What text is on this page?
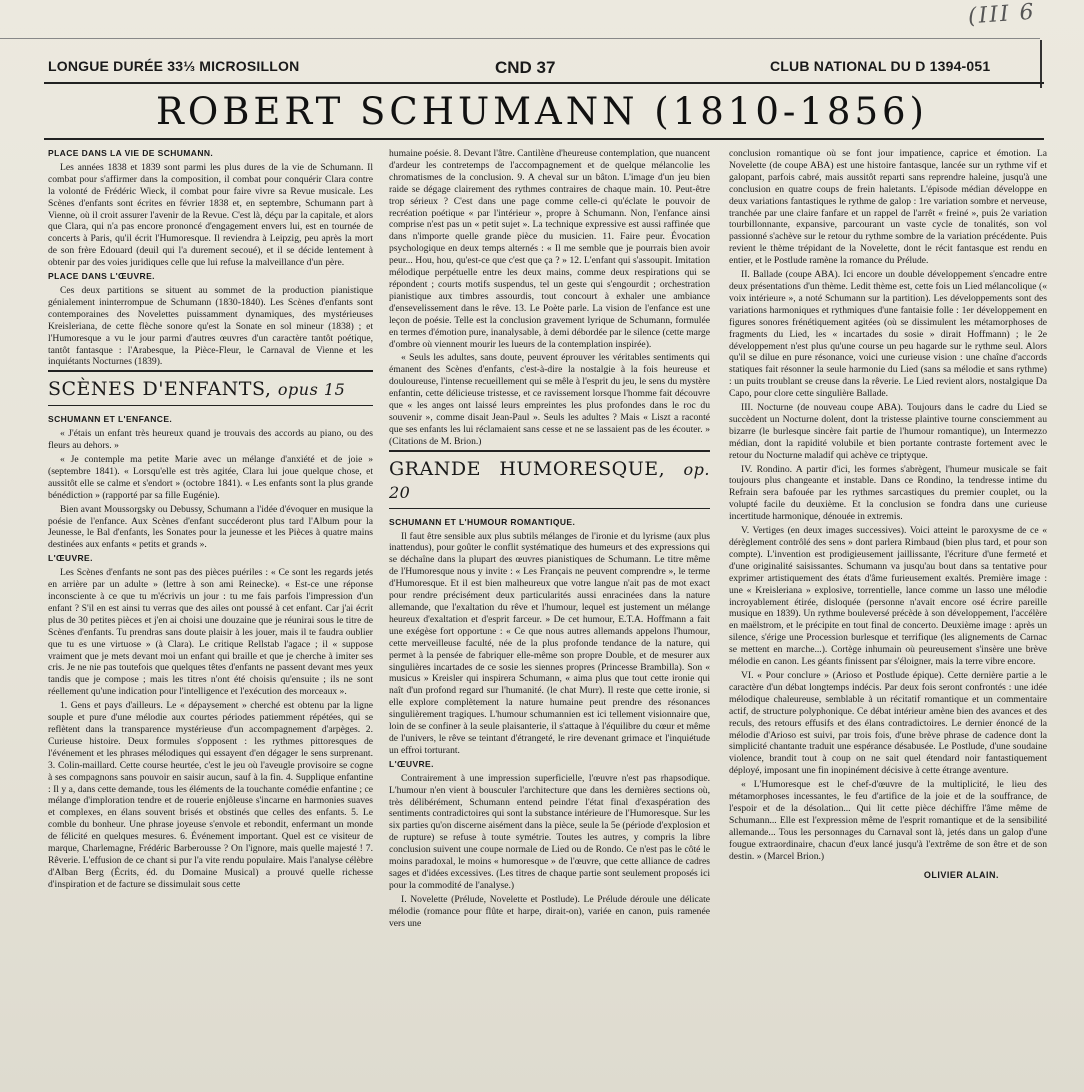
(III 6
LONGUE DURÉE 33⅓ MICROSILLON	CND 37	CLUB NATIONAL DU D 1394-051
ROBERT SCHUMANN (1810-1856)

PLACE DANS LA VIE DE SCHUMANN.

Les années 1838 et 1839 sont parmi les plus dures de la vie de Schumann. Il combat pour s'affirmer dans la composition, il combat pour conquérir Clara contre la volonté de Frédéric Wieck, il combat pour faire vivre sa Revue musicale. Les Scènes d'enfants sont écrites en février 1838 et, en septembre, Schumann part à Vienne, où il croit assurer l'avenir de la Revue. C'est là, déçu par la capitale, et alors que Clara, qui n'a pas encore prononcé d'engagement envers lui, est en tournée de concerts à Paris, qu'il écrit l'Humoresque. Il reviendra à Leipzig, peu après la mort de son frère Edouard (deuil qui l'a durement secoué), et il se décide lentement à obtenir par des voies juridiques celle que lui refuse la malveillance d'un père.

PLACE DANS L'ŒUVRE.

Ces deux partitions se situent au sommet de la production pianistique génialement ininterrompue de Schumann (1830-1840). Les Scènes d'enfants sont contemporaines des Novelettes puissamment dynamiques, des mystérieuses Kreisleriana, de cette flèche sonore qu'est la Sonate en sol mineur (1838) ; et l'Humoresque a vu le jour parmi d'autres œuvres d'un caractère tantôt poétique, tantôt fantasque : l'Arabesque, la Pièce-Fleur, le Carnaval de Vienne et les inquiétants Nocturnes (1839).

SCÈNES D'ENFANTS, opus 15

SCHUMANN ET L'ENFANCE.

« J'étais un enfant très heureux quand je trouvais des accords au piano, ou des fleurs au dehors. »

« Je contemple ma petite Marie avec un mélange d'anxiété et de joie » (septembre 1841). « Lorsqu'elle est très agitée, Clara lui joue quelque chose, et aussitôt elle se calme et s'endort » (octobre 1841). « Les enfants sont la plus grande bénédiction » (rapporté par sa fille Eugénie).

Bien avant Moussorgsky ou Debussy, Schumann a l'idée d'évoquer en musique la poésie de l'enfance. Aux Scènes d'enfant succéderont plus tard l'Album pour la Jeunesse, le Bal d'enfants, les Sonates pour la jeunesse et les Pièces à quatre mains destinées aux enfants « petits et grands ».

L'ŒUVRE.

Les Scènes d'enfants ne sont pas des pièces puériles : « Ce sont les regards jetés en arrière par un adulte » (lettre à son ami Reinecke). « Est-ce une réponse inconsciente à ce que tu m'écrivis un jour : tu me fais parfois l'impression d'un enfant ? S'il en est ainsi tu verras que des ailes ont poussé à cet enfant. Car j'ai écrit plus de 30 petites pièces et j'en ai choisi une douzaine que je réunirai sous le titre de Scènes d'enfants. Tu prendras sans doute plaisir à les jouer, mais il te faudra oublier que tu es une virtuose » (à Clara). Le critique Rellstab l'agace ; il « suppose vraiment que je mets devant moi un enfant qui braille et que je cherche à imiter ses cris. Je ne nie pas toutefois que quelques têtes d'enfants ne passent devant mes yeux tandis que je compose ; mais les titres n'ont été choisis qu'ensuite ; ils ne sont réellement qu'une indication pour l'intelligence et l'exécution des morceaux ».

1. Gens et pays d'ailleurs. Le « dépaysement » cherché est obtenu par la ligne souple et pure d'une mélodie aux courtes périodes patiemment répétées, qui se reflètent dans la transparence mystérieuse d'un accompagnement d'arpèges. 2. Curieuse histoire. Deux formules s'opposent : les rythmes pittoresques de l'événement et les phrases mélodiques qui essayent d'en dégager le sens surprenant. 3. Colin-maillard. Cette course heurtée, c'est le jeu où l'aveugle provisoire se cogne à ses compagnons sans pouvoir en saisir aucun, sauf à la fin. 4. Supplique enfantine : Il y a, dans cette demande, tous les éléments de la touchante comédie enfantine ; ce mélange d'imploration tendre et de rouerie enjôleuse s'incarne en harmonies suaves et complexes, en élans souvent brisés et obstinés que celles des enfants. 5. Le comble du bonheur. Une phrase joyeuse s'envole et rebondit, enfermant un monde de félicité en quelques mesures. 6. Événement important. Quel est ce visiteur de marque, Charlemagne, Frédéric Barberousse ? On l'ignore, mais quelle majesté ! 7. Rêverie. L'effusion de ce chant si pur l'a vite rendu populaire. Mais l'analyse célèbre d'Alban Berg (Écrits, éd. du Domaine Musical) a prouvé quelle richesse d'inspiration et de facture se dissimulait sous cette

humaine poésie. 8. Devant l'âtre. Cantilène d'heureuse contemplation, que nuancent d'ardeur les contretemps de l'accompagnement et de quelque mélancolie les chromatismes de la conclusion. 9. A cheval sur un bâton. L'image d'un jeu bien raide se dégage clairement des rythmes contraires de chaque main. 10. Peut-être trop sérieux ? C'est dans une page comme celle-ci qu'éclate le pouvoir de recréation poétique « par l'intérieur », propre à Schumann. Non, l'enfance ainsi comprise n'est pas un « petit sujet ». La technique expressive est aussi raffinée que dans n'importe quelle grande pièce du musicien. 11. Faire peur. Évocation psychologique en deux temps alternés : « Il me semble que je pourrais bien avoir peur... Hou, hou, qu'est-ce que c'est que ça ? » 12. L'enfant qui s'assoupit. Imitation mélodique perpétuelle entre les deux mains, comme deux respirations qui se répondent ; courts motifs suspendus, tel un geste qui s'engourdit ; orchestration pianistique aux timbres assourdis, tout concourt à exhaler une ambiance d'ensevelissement dans le rêve. 13. Le Poète parle. La vision de l'enfance est une leçon de poésie. Telle est la conclusion gravement lyrique de Schumann, formulée en termes d'émotion pure, inanalysable, à demi débordée par le silence (cette marge d'ombre où viennent mourir les lueurs de la contemplation inspirée).

« Seuls les adultes, sans doute, peuvent éprouver les véritables sentiments qui émanent des Scènes d'enfants, c'est-à-dire la nostalgie à la fois heureuse et douloureuse, l'intense recueillement qui se mêle à l'esprit du jeu, le sens du mystère enfantin, cette délicieuse tristesse, et ce ravissement lorsque l'homme fait découvre que « les anges ont laissé leurs empreintes les plus profondes dans le roc du souvenir », comme disait Jean-Paul ». Seuls les adultes ? Mais « Liszt a raconté que ses enfants les lui réclamaient sans cesse et ne se lassaient pas de les écouter. » (Citations de M. Brion.)

GRANDE HUMORESQUE, op. 20

SCHUMANN ET L'HUMOUR ROMANTIQUE.

Il faut être sensible aux plus subtils mélanges de l'ironie et du lyrisme (aux plus inattendus), pour goûter le conflit systématique des humeurs et des expressions qui se déchaîne dans la plupart des œuvres pianistiques de Schumann. Le titre même de l'Humoresque nous y invite : « Les Français ne peuvent comprendre », le terme d'Humoresque. Et il est bien malheureux que votre langue n'ait pas de mot exact pour rendre précisément deux particularités aussi enracinées dans la nature allemande, que l'exaltation du rêve et l'humour, lequel est justement un mélange heureux d'exaltation et d'esprit farceur. » De cet humour, E.T.A. Hoffmann a fait une exégèse fort opportune : « Ce que nous autres allemands appelons l'humour, cette merveilleuse faculté, née de la plus profonde tendance de la nature, qui permet à la pensée de fabriquer elle-même son propre Double, et de mesurer aux singulières incartades de ce sosie les siennes propres (Princesse Brambilla). Son « musicus » Kreisler qui inspirera Schumann, « aima plus que tout cette ironie qui naît d'un profond regard sur l'humanité. (le chat Murr). Il reste que cette ironie, si elle explore complètement la nature humaine peut prendre des résonances singulièrement tragiques. L'humour schumannien est ici tellement visionnaire que, loin de se confiner à la seule plaisanterie, il s'attaque à l'équilibre du cœur et même de l'univers, le rêve se teintant d'étrangeté, le rire devenant grimace et l'inquiétude un effroi torturant.

L'ŒUVRE.

Contrairement à une impression superficielle, l'œuvre n'est pas rhapsodique. L'humour n'en vient à bousculer l'architecture que dans les dernières sections où, très délibérément, Schumann entend peindre l'état final d'exaspération des sentiments contradictoires qui sont la substance intérieure de l'Humoresque. Sur les six parties qu'on discerne aisément dans la pièce, seule la 5e (période d'explosion et de rupture) se refuse à toute symétrie. Toutes les autres, y compris la libre conclusion suivent une coupe normale de Lied ou de Rondo. Ce n'est pas le côté le moins paradoxal, le moins « humoresque » de l'œuvre, que cette alliance de cadres sages et d'idées excessives. (Les titres de chaque partie sont seulement proposés ici pour la commodité de l'analyse.)

I. Novelette (Prélude, Novelette et Postlude). Le Prélude déroule une délicate mélodie (romance pour flûte et harpe, dirait-on), variée en canon, puis ramenée vers une

conclusion romantique où se font jour impatience, caprice et émotion. La Novelette (de coupe ABA) est une histoire fantasque, lancée sur un rythme vif et galopant, parfois cabré, mais aussitôt reparti sans reprendre haleine, jusqu'à une conclusion en quatre coups de frein haletants. L'épisode médian développe en deux variations fantastiques le rythme de galop : 1re variation sombre et nerveuse, tranchée par une claire fanfare et un rappel de l'arrêt « freiné », puis 2e variation tourbillonnante, expansive, parcourant un vaste cycle de tonalités, son vol passionné s'achève sur le retour du rythme sombre de la variation précédente. Puis revient le thème trépidant de la Novelette, dont le récit fantasque est rendu en entier, et le Postlude ramène la romance du Prélude.

II. Ballade (coupe ABA). Ici encore un double développement s'encadre entre deux présentations d'un thème. Ledit thème est, cette fois un Lied mélancolique (« voix intérieure », a noté Schumann sur la partition). Les développements sont des variations harmoniques et rythmiques d'une fantaisie folle : 1er développement en figures sonores frénétiquement agitées (où se dissimulent les métamorphoses de fragments du Lied, les « incartades du sosie » dirait Hoffmann) ; le 2e développement n'est plus qu'une course un peu hagarde sur le rythme seul. Alors qu'il se dilue en pure résonance, voici une curieuse vision : une chaîne d'accords statiques fait résonner la seule harmonie du Lied (sans sa mélodie et sans rythme) : un puits troublant se creuse dans la rêverie. Le Lied revient alors, nostalgique Da Capo, pour clore cette singulière Ballade.

III. Nocturne (de nouveau coupe ABA). Toujours dans le cadre du Lied se succèdent un Nocturne dolent, dont la tristesse plaintive tourne consciemment au bizarre (le burlesque sincère fait partie de l'humour romantique), un Intermezzo médian, dont la rapidité volubile et bien portante contraste fortement avec le retour du Nocturne maladif qui achève ce triptyque.

IV. Rondino. A partir d'ici, les formes s'abrègent, l'humeur musicale se fait toujours plus changeante et instable. Dans ce Rondino, la tendresse intime du Refrain sera bafouée par les rythmes sarcastiques du premier couplet, ou la volupté facile du deuxième. Et la conclusion se fondra dans une curieuse incertitude harmonique, dénouée in extremis.

V. Vertiges (en deux images successives). Voici atteint le paroxysme de ce « dérèglement contrôlé des sens » dont parlera Rimbaud (bien plus tard, et pour son compte). L'invention est prodigieusement jaillissante, l'écriture d'une fermeté et d'une originalité saisissantes. Schumann va jusqu'au bout dans sa tentative pour exprimer artistiquement des états d'âme furieusement exaltés. Première image : une « Kreisleriana » explosive, torrentielle, lance comme un lasso une mélodie incroyablement étirée, disloquée (personne n'avait encore osé écrire pareille musique en 1839). Un rythme bouleversé précède à son développement, l'accélère en maëlstrom, et le précipite en tout final de concerto. Deuxième image : après un silence, s'érige une Procession burlesque et terrifique (les alignements de Carnac se mettent en marche...). Cortège inhumain où peureusement s'insère une brève mélodie en canon. Les géants finissent par s'éloigner, mais la terre vibre encore.

VI. « Pour conclure » (Arioso et Postlude épique). Cette dernière partie a le caractère d'un débat longtemps indécis. Par deux fois seront confrontés : une idée mélodique chaleureuse, semblable à un récitatif romantique et un commentaire actif, de structure polyphonique. Ce débat intérieur amène bien des avances et des reculs, des retours effusifs et des élans contradictoires. Le dernier énoncé de la mélodie d'Arioso est suivi, par trois fois, d'une brève phrase de cadence dont la simplicité chantante traduit une espérance désabusée. Le Postlude, d'une soudaine violence, brandit tout à coup on ne sait quel étendard noir fantastiquement déployé, imposant une fin inopinément décisive à cette étrange aventure.

« L'Humoresque est le chef-d'œuvre de la multiplicité, le lieu des métamorphoses incessantes, le feu d'artifice de la joie et de la souffrance, de l'espoir et de la désolation... Qui lit cette pièce déchiffre l'âme même de Schumann... Elle est l'expression même de l'esprit romantique et de la sensibilité allemande... Tous les personnages du Carnaval sont là, jetés dans un galop d'une fougue extraordinaire, chacun d'eux lancé jusqu'à l'extrême de son être et de son destin. » (Marcel Brion.)

OLIVIER ALAIN.
